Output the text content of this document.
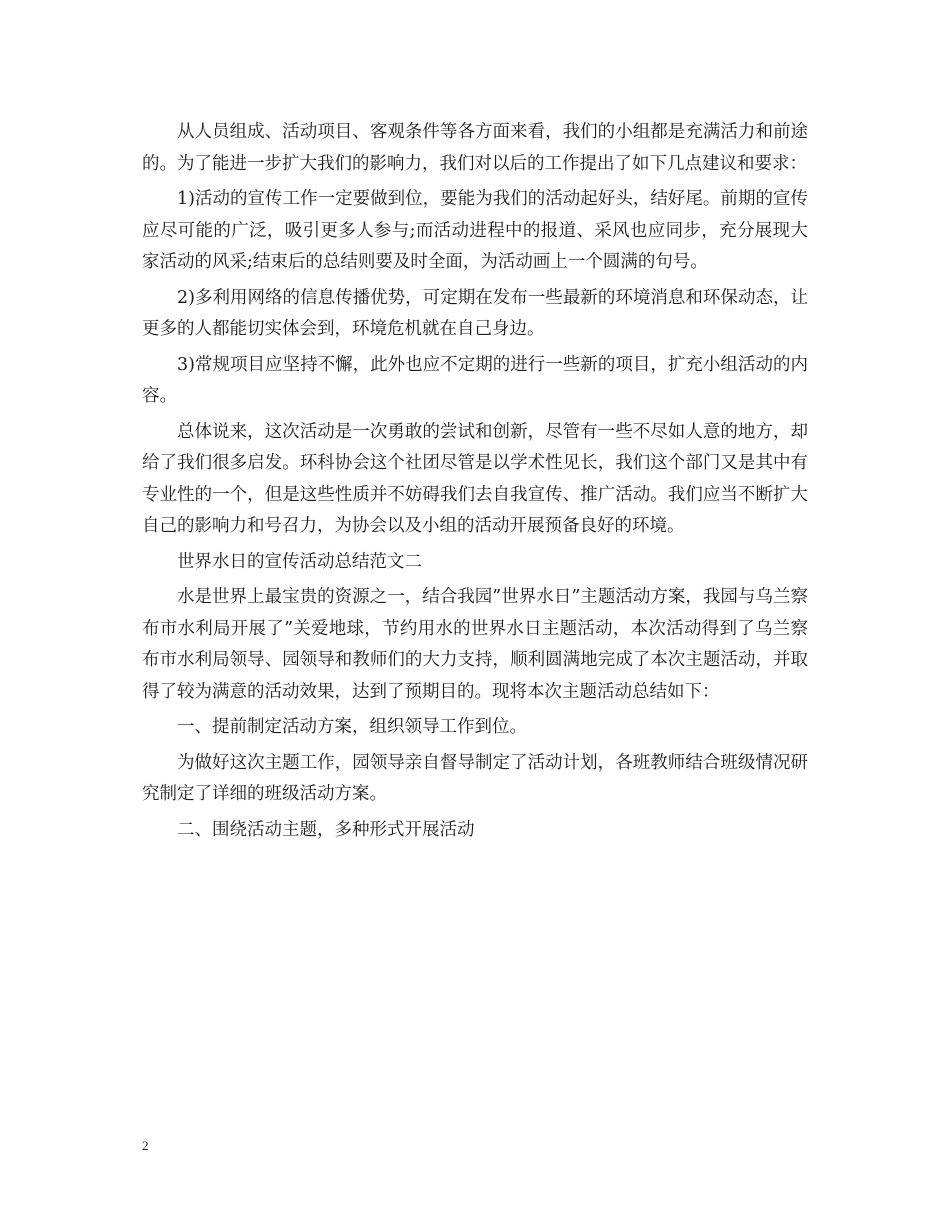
从人员组成、活动项目、客观条件等各方面来看，我们的小组都是充满活力和前途的。为了能进一步扩大我们的影响力，我们对以后的工作提出了如下几点建议和要求：

1)活动的宣传工作一定要做到位，要能为我们的活动起好头，结好尾。前期的宣传应尽可能的广泛，吸引更多人参与;而活动进程中的报道、采风也应同步，充分展现大家活动的风采;结束后的总结则要及时全面，为活动画上一个圆满的句号。

2)多利用网络的信息传播优势，可定期在发布一些最新的环境消息和环保动态，让更多的人都能切实体会到，环境危机就在自己身边。

3)常规项目应坚持不懈，此外也应不定期的进行一些新的项目，扩充小组活动的内容。

总体说来，这次活动是一次勇敢的尝试和创新，尽管有一些不尽如人意的地方，却给了我们很多启发。环科协会这个社团尽管是以学术性见长，我们这个部门又是其中有专业性的一个，但是这些性质并不妨碍我们去自我宣传、推广活动。我们应当不断扩大自己的影响力和号召力，为协会以及小组的活动开展预备良好的环境。

世界水日的宣传活动总结范文二

水是世界上最宝贵的资源之一，结合我园”世界水日”主题活动方案，我园与乌兰察布市水利局开展了”关爱地球，节约用水的世界水日主题活动，本次活动得到了乌兰察布市水利局领导、园领导和教师们的大力支持，顺利圆满地完成了本次主题活动，并取得了较为满意的活动效果，达到了预期目的。现将本次主题活动总结如下：

一、提前制定活动方案，组织领导工作到位。

为做好这次主题工作，园领导亲自督导制定了活动计划，各班教师结合班级情况研究制定了详细的班级活动方案。

二、围绕活动主题，多种形式开展活动

2
